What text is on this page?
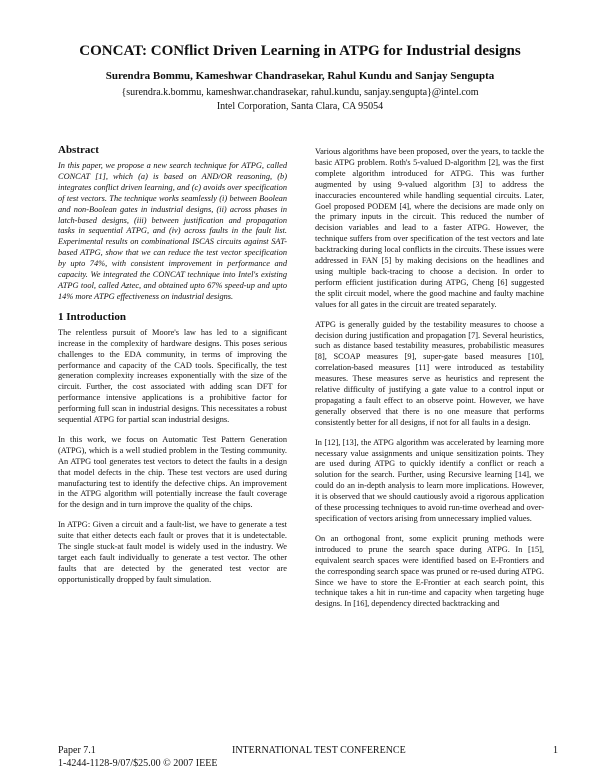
CONCAT: CONflict Driven Learning in ATPG for Industrial designs
Surendra Bommu, Kameshwar Chandrasekar, Rahul Kundu and Sanjay Sengupta
{surendra.k.bommu, kameshwar.chandrasekar, rahul.kundu, sanjay.sengupta}@intel.com
Intel Corporation, Santa Clara, CA 95054
Abstract

In this paper, we propose a new search technique for ATPG, called CONCAT [1], which (a) is based on AND/OR reasoning, (b) integrates conflict driven learning, and (c) avoids over specification of test vectors. The technique works seamlessly (i) between Boolean and non-Boolean gates in industrial designs, (ii) across phases in latch-based designs, (iii) between justification and propagation tasks in sequential ATPG, and (iv) across faults in the fault list. Experimental results on combinational ISCAS circuits against SAT-based ATPG, show that we can reduce the test vector specification by upto 74%, with consistent improvement in performance and capacity. We integrated the CONCAT technique into Intel's existing ATPG tool, called Aztec, and obtained upto 67% speed-up and upto 14% more ATPG effectiveness on industrial designs.

1 Introduction

The relentless pursuit of Moore's law has led to a significant increase in the complexity of hardware designs. This poses serious challenges to the EDA community, in terms of improving the performance and capacity of the CAD tools. Specifically, the test generation complexity increases exponentially with the size of the circuit. Further, the cost associated with adding scan DFT for performance intensive applications is a prohibitive factor for performing full scan in industrial designs. This necessitates a robust sequential ATPG for partial scan industrial designs.

In this work, we focus on Automatic Test Pattern Generation (ATPG), which is a well studied problem in the Testing community. An ATPG tool generates test vectors to detect the faults in a design that model defects in the chip. These test vectors are used during manufacturing test to identify the defective chips. An improvement in the ATPG algorithm will potentially increase the fault coverage for the design and in turn improve the quality of the chips.

In ATPG: Given a circuit and a fault-list, we have to generate a test suite that either detects each fault or proves that it is undetectable. The single stuck-at fault model is widely used in the industry. We target each fault individually to generate a test vector. The other faults that are detected by the generated test vector are opportunistically dropped by fault simulation.

Various algorithms have been proposed, over the years, to tackle the basic ATPG problem. Roth's 5-valued D-algorithm [2], was the first complete algorithm introduced for ATPG. This was further augmented by using 9-valued algorithm [3] to address the inaccuracies encountered while handling sequential circuits. Later, Goel proposed PODEM [4], where the decisions are made only on the primary inputs in the circuit. This reduced the number of decision variables and lead to a faster ATPG. However, the technique suffers from over specification of the test vectors and late backtracking during local conflicts in the circuits. These issues were addressed in FAN [5] by making decisions on the headlines and using multiple back-tracing to choose a decision. In order to perform efficient justification during ATPG, Cheng [6] suggested the split circuit model, where the good machine and faulty machine values for all gates in the circuit are treated separately.

ATPG is generally guided by the testability measures to choose a decision during justification and propagation [7]. Several heuristics, such as distance based testability measures, probabilistic measures [8], SCOAP measures [9], super-gate based measures [10], correlation-based measures [11] were introduced as testability measures. These measures serve as heuristics and represent the relative difficulty of justifying a gate value to a control input or propagating a fault effect to an observe point. However, we have generally observed that there is no one measure that performs consistently better for all designs, if not for all faults in a design.

In [12], [13], the ATPG algorithm was accelerated by learning more necessary value assignments and unique sensitization points. They are used during ATPG to quickly identify a conflict or reach a solution for the search. Further, using Recursive learning [14], we could do an in-depth analysis to learn more implications. However, it is observed that we should cautiously avoid a rigorous application of these processing techniques to avoid run-time overhead and over-specification of vectors arising from unnecessary implied values.

On an orthogonal front, some explicit pruning methods were introduced to prune the search space during ATPG. In [15], equivalent search spaces were identified based on E-Frontiers and the corresponding search space was pruned or re-used during ATPG. Since we have to store the E-Frontier at each search point, this technique takes a hit in run-time and capacity when targeting huge designs. In [16], dependency directed backtracking and

Paper 7.1	INTERNATIONAL TEST CONFERENCE	1
1-4244-1128-9/07/$25.00 © 2007 IEEE
